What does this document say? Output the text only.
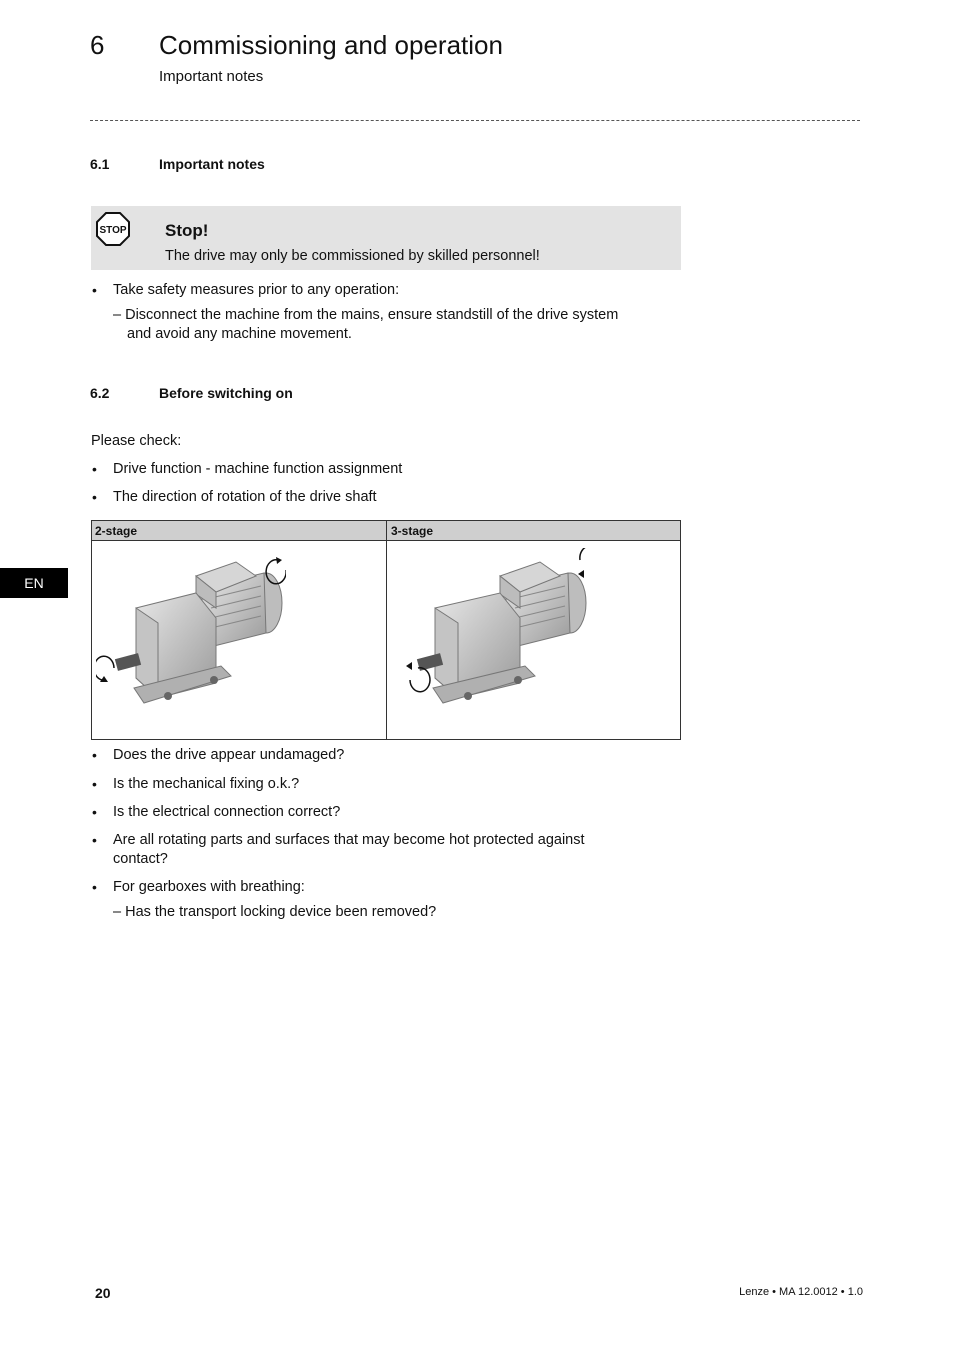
6 Commissioning and operation
Important notes
6.1	Important notes
STOP Stop!
The drive may only be commissioned by skilled personnel!
• Take safety measures prior to any operation:
– Disconnect the machine from the mains, ensure standstill of the drive system
and avoid any machine movement.
6.2	Before switching on
Please check:
• Drive function - machine function assignment
• The direction of rotation of the drive shaft
2-stage	3-stage
• Does the drive appear undamaged?
• Is the mechanical fixing o.k.?
• Is the electrical connection correct?
• Are all rotating parts and surfaces that may become hot protected against
contact?
• For gearboxes with breathing:
– Has the transport locking device been removed?
EN
20	Lenze • MA 12.0012 • 1.0
